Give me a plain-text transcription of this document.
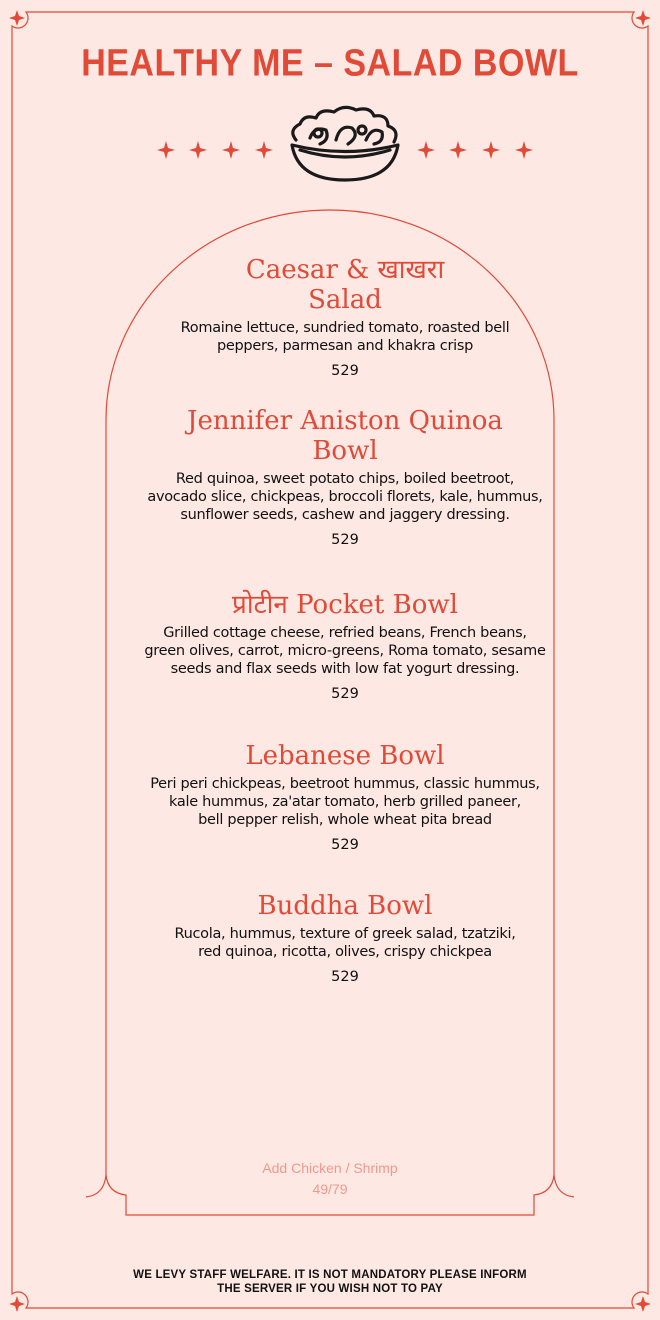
HEALTHY ME – SALAD BOWL
Caesar & खाखरा
Salad
Romaine lettuce, sundried tomato, roasted bell
peppers, parmesan and khakra crisp
529
Jennifer Aniston Quinoa
Bowl
Red quinoa, sweet potato chips, boiled beetroot,
avocado slice, chickpeas, broccoli florets, kale, hummus,
sunflower seeds, cashew and jaggery dressing.
529
प्रोटीन Pocket Bowl
Grilled cottage cheese, refried beans, French beans,
green olives, carrot, micro-greens, Roma tomato, sesame
seeds and flax seeds with low fat yogurt dressing.
529
Lebanese Bowl
Peri peri chickpeas, beetroot hummus, classic hummus,
kale hummus, za'atar tomato, herb grilled paneer,
bell pepper relish, whole wheat pita bread
529
Buddha Bowl
Rucola, hummus, texture of greek salad, tzatziki,
red quinoa, ricotta, olives, crispy chickpea
529
Add Chicken / Shrimp
49/79
WE LEVY STAFF WELFARE. IT IS NOT MANDATORY PLEASE INFORM
THE SERVER IF YOU WISH NOT TO PAY
